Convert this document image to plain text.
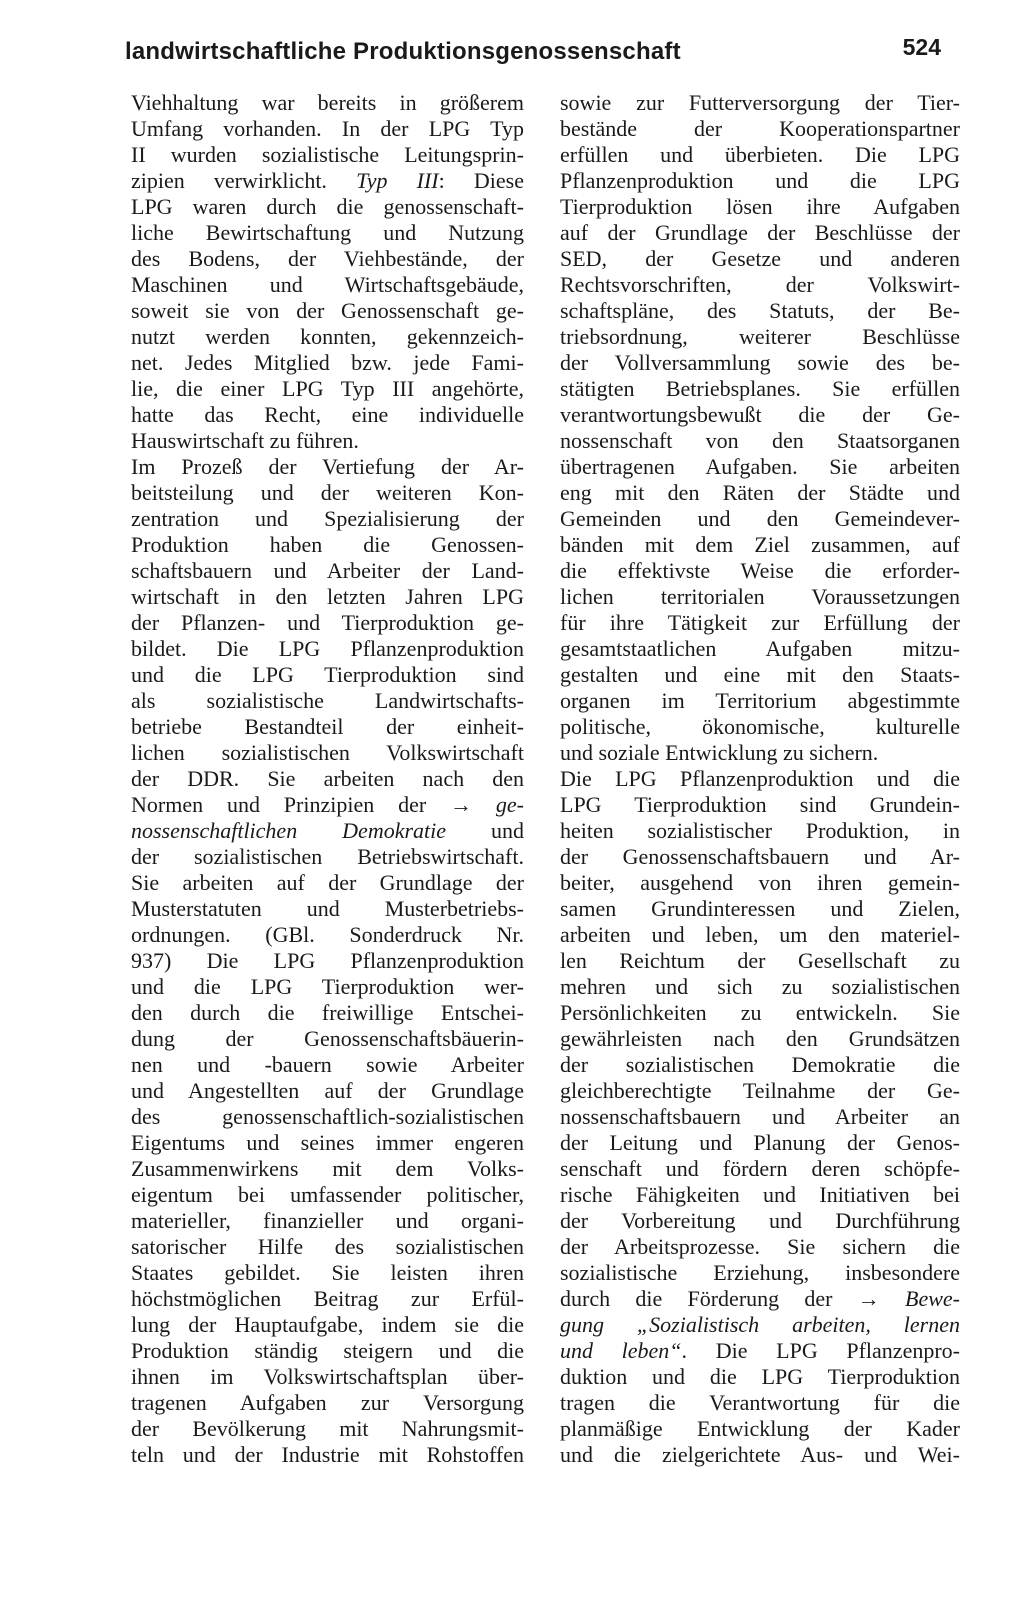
landwirtschaftliche Produktionsgenossenschaft	524
Viehhaltung war bereits in größerem
Umfang vorhanden. In der LPG Typ
II wurden sozialistische Leitungsprin-
zipien verwirklicht. Typ III: Diese
LPG waren durch die genossenschaft-
liche Bewirtschaftung und Nutzung
des Bodens, der Viehbestände, der
Maschinen und Wirtschaftsgebäude,
soweit sie von der Genossenschaft ge-
nutzt werden konnten, gekennzeich-
net. Jedes Mitglied bzw. jede Fami-
lie, die einer LPG Typ III angehörte,
hatte das Recht, eine individuelle
Hauswirtschaft zu führen.
Im Prozeß der Vertiefung der Ar-
beitsteilung und der weiteren Kon-
zentration und Spezialisierung der
Produktion haben die Genossen-
schaftsbauern und Arbeiter der Land-
wirtschaft in den letzten Jahren LPG
der Pflanzen- und Tierproduktion ge-
bildet. Die LPG Pflanzenproduktion
und die LPG Tierproduktion sind
als sozialistische Landwirtschafts-
betriebe Bestandteil der einheit-
lichen sozialistischen Volkswirtschaft
der DDR. Sie arbeiten nach den
Normen und Prinzipien der → ge-
nossenschaftlichen Demokratie und
der sozialistischen Betriebswirtschaft.
Sie arbeiten auf der Grundlage der
Musterstatuten und Musterbetriebs-
ordnungen. (GBl. Sonderdruck Nr.
937) Die LPG Pflanzenproduktion
und die LPG Tierproduktion wer-
den durch die freiwillige Entschei-
dung der Genossenschaftsbäuerin-
nen und -bauern sowie Arbeiter
und Angestellten auf der Grundlage
des genossenschaftlich-sozialistischen
Eigentums und seines immer engeren
Zusammenwirkens mit dem Volks-
eigentum bei umfassender politischer,
materieller, finanzieller und organi-
satorischer Hilfe des sozialistischen
Staates gebildet. Sie leisten ihren
höchstmöglichen Beitrag zur Erfül-
lung der Hauptaufgabe, indem sie die
Produktion ständig steigern und die
ihnen im Volkswirtschaftsplan über-
tragenen Aufgaben zur Versorgung
der Bevölkerung mit Nahrungsmit-
teln und der Industrie mit Rohstoffen
sowie zur Futterversorgung der Tier-
bestände der Kooperationspartner
erfüllen und überbieten. Die LPG
Pflanzenproduktion und die LPG
Tierproduktion lösen ihre Aufgaben
auf der Grundlage der Beschlüsse der
SED, der Gesetze und anderen
Rechtsvorschriften, der Volkswirt-
schaftspläne, des Statuts, der Be-
triebsordnung, weiterer Beschlüsse
der Vollversammlung sowie des be-
stätigten Betriebsplanes. Sie erfüllen
verantwortungsbewußt die der Ge-
nossenschaft von den Staatsorganen
übertragenen Aufgaben. Sie arbeiten
eng mit den Räten der Städte und
Gemeinden und den Gemeindever-
bänden mit dem Ziel zusammen, auf
die effektivste Weise die erforder-
lichen territorialen Voraussetzungen
für ihre Tätigkeit zur Erfüllung der
gesamtstaatlichen Aufgaben mitzu-
gestalten und eine mit den Staats-
organen im Territorium abgestimmte
politische, ökonomische, kulturelle
und soziale Entwicklung zu sichern.
Die LPG Pflanzenproduktion und die
LPG Tierproduktion sind Grundein-
heiten sozialistischer Produktion, in
der Genossenschaftsbauern und Ar-
beiter, ausgehend von ihren gemein-
samen Grundinteressen und Zielen,
arbeiten und leben, um den materiel-
len Reichtum der Gesellschaft zu
mehren und sich zu sozialistischen
Persönlichkeiten zu entwickeln. Sie
gewährleisten nach den Grundsätzen
der sozialistischen Demokratie die
gleichberechtigte Teilnahme der Ge-
nossenschaftsbauern und Arbeiter an
der Leitung und Planung der Genos-
senschaft und fördern deren schöpfe-
rische Fähigkeiten und Initiativen bei
der Vorbereitung und Durchführung
der Arbeitsprozesse. Sie sichern die
sozialistische Erziehung, insbesondere
durch die Förderung der → Bewe-
gung „Sozialistisch arbeiten, lernen
und leben“. Die LPG Pflanzenpro-
duktion und die LPG Tierproduktion
tragen die Verantwortung für die
planmäßige Entwicklung der Kader
und die zielgerichtete Aus- und Wei-
